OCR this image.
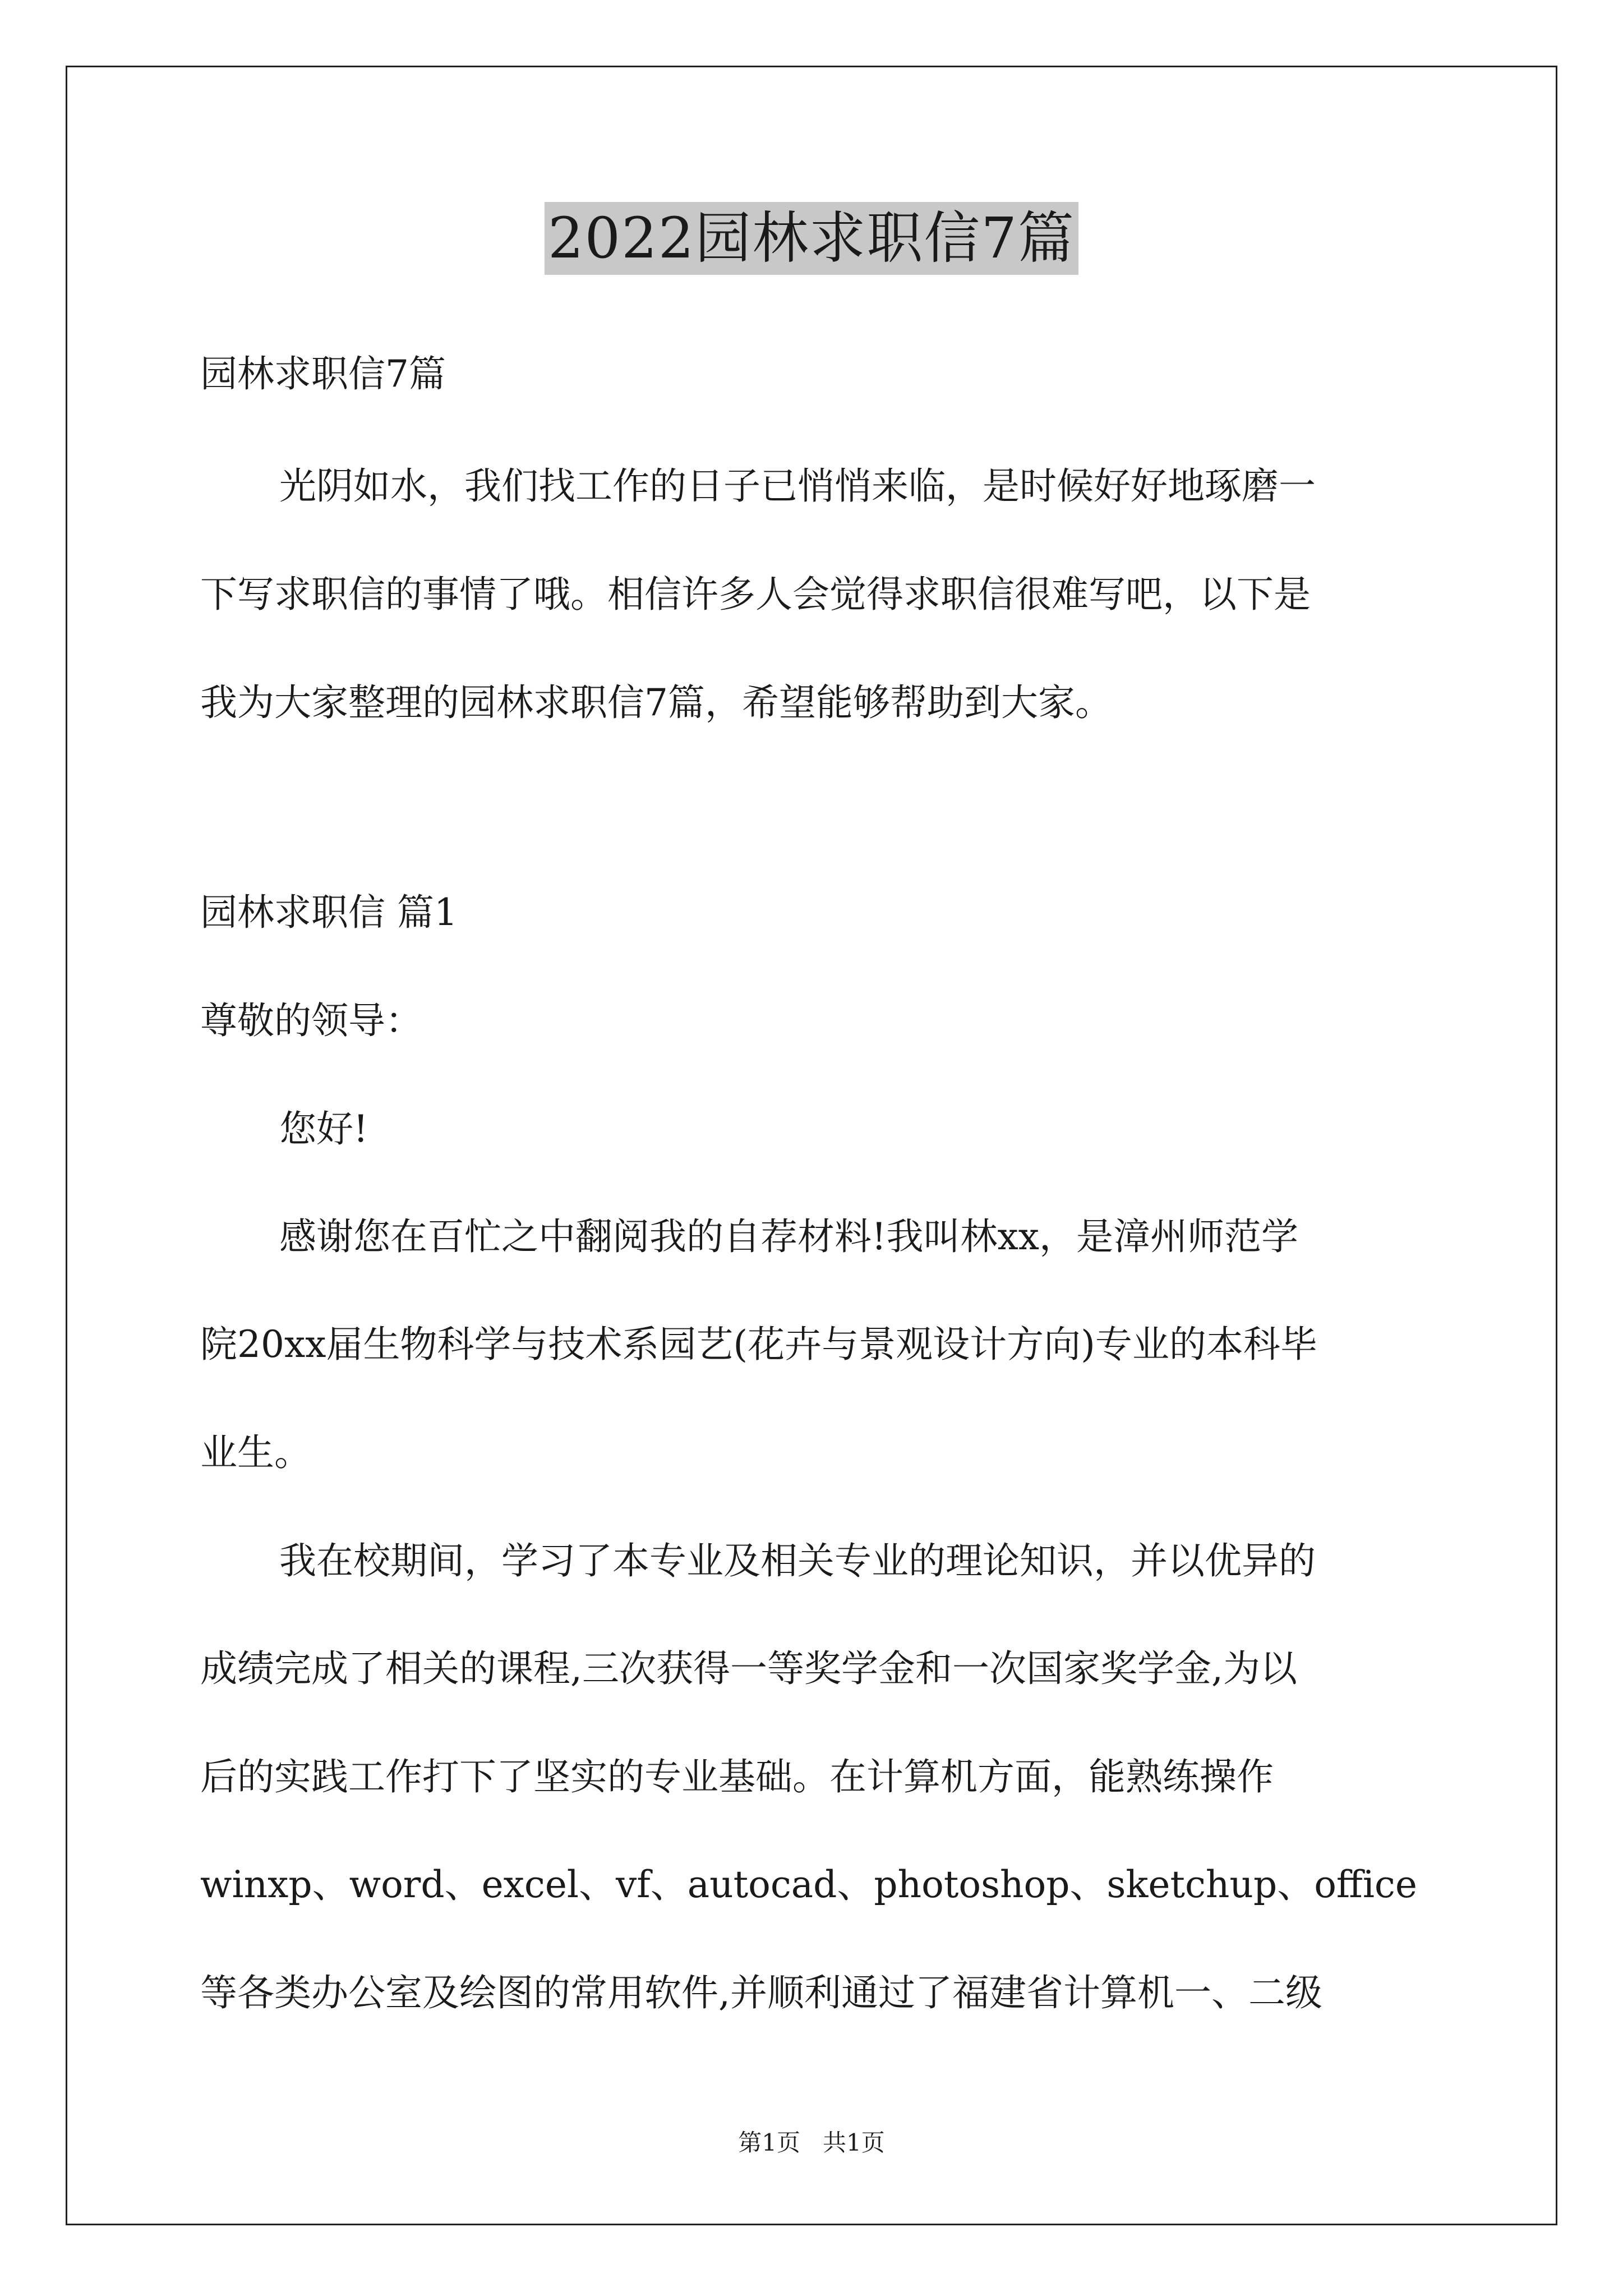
2022园林求职信7篇
园林求职信7篇
光阴如水，我们找工作的日子已悄悄来临，是时候好好地琢磨一
下写求职信的事情了哦。相信许多人会觉得求职信很难写吧，以下是
我为大家整理的园林求职信7篇，希望能够帮助到大家。
园林求职信 篇1
尊敬的领导：
您好!
感谢您在百忙之中翻阅我的自荐材料!我叫林xx，是漳州师范学
院20xx届生物科学与技术系园艺(花卉与景观设计方向)专业的本科毕
业生。
我在校期间，学习了本专业及相关专业的理论知识，并以优异的
成绩完成了相关的课程,三次获得一等奖学金和一次国家奖学金,为以
后的实践工作打下了坚实的专业基础。在计算机方面，能熟练操作
winxp、word、excel、vf、autocad、photoshop、sketchup、office
等各类办公室及绘图的常用软件,并顺利通过了福建省计算机一、二级
第1页   共1页
